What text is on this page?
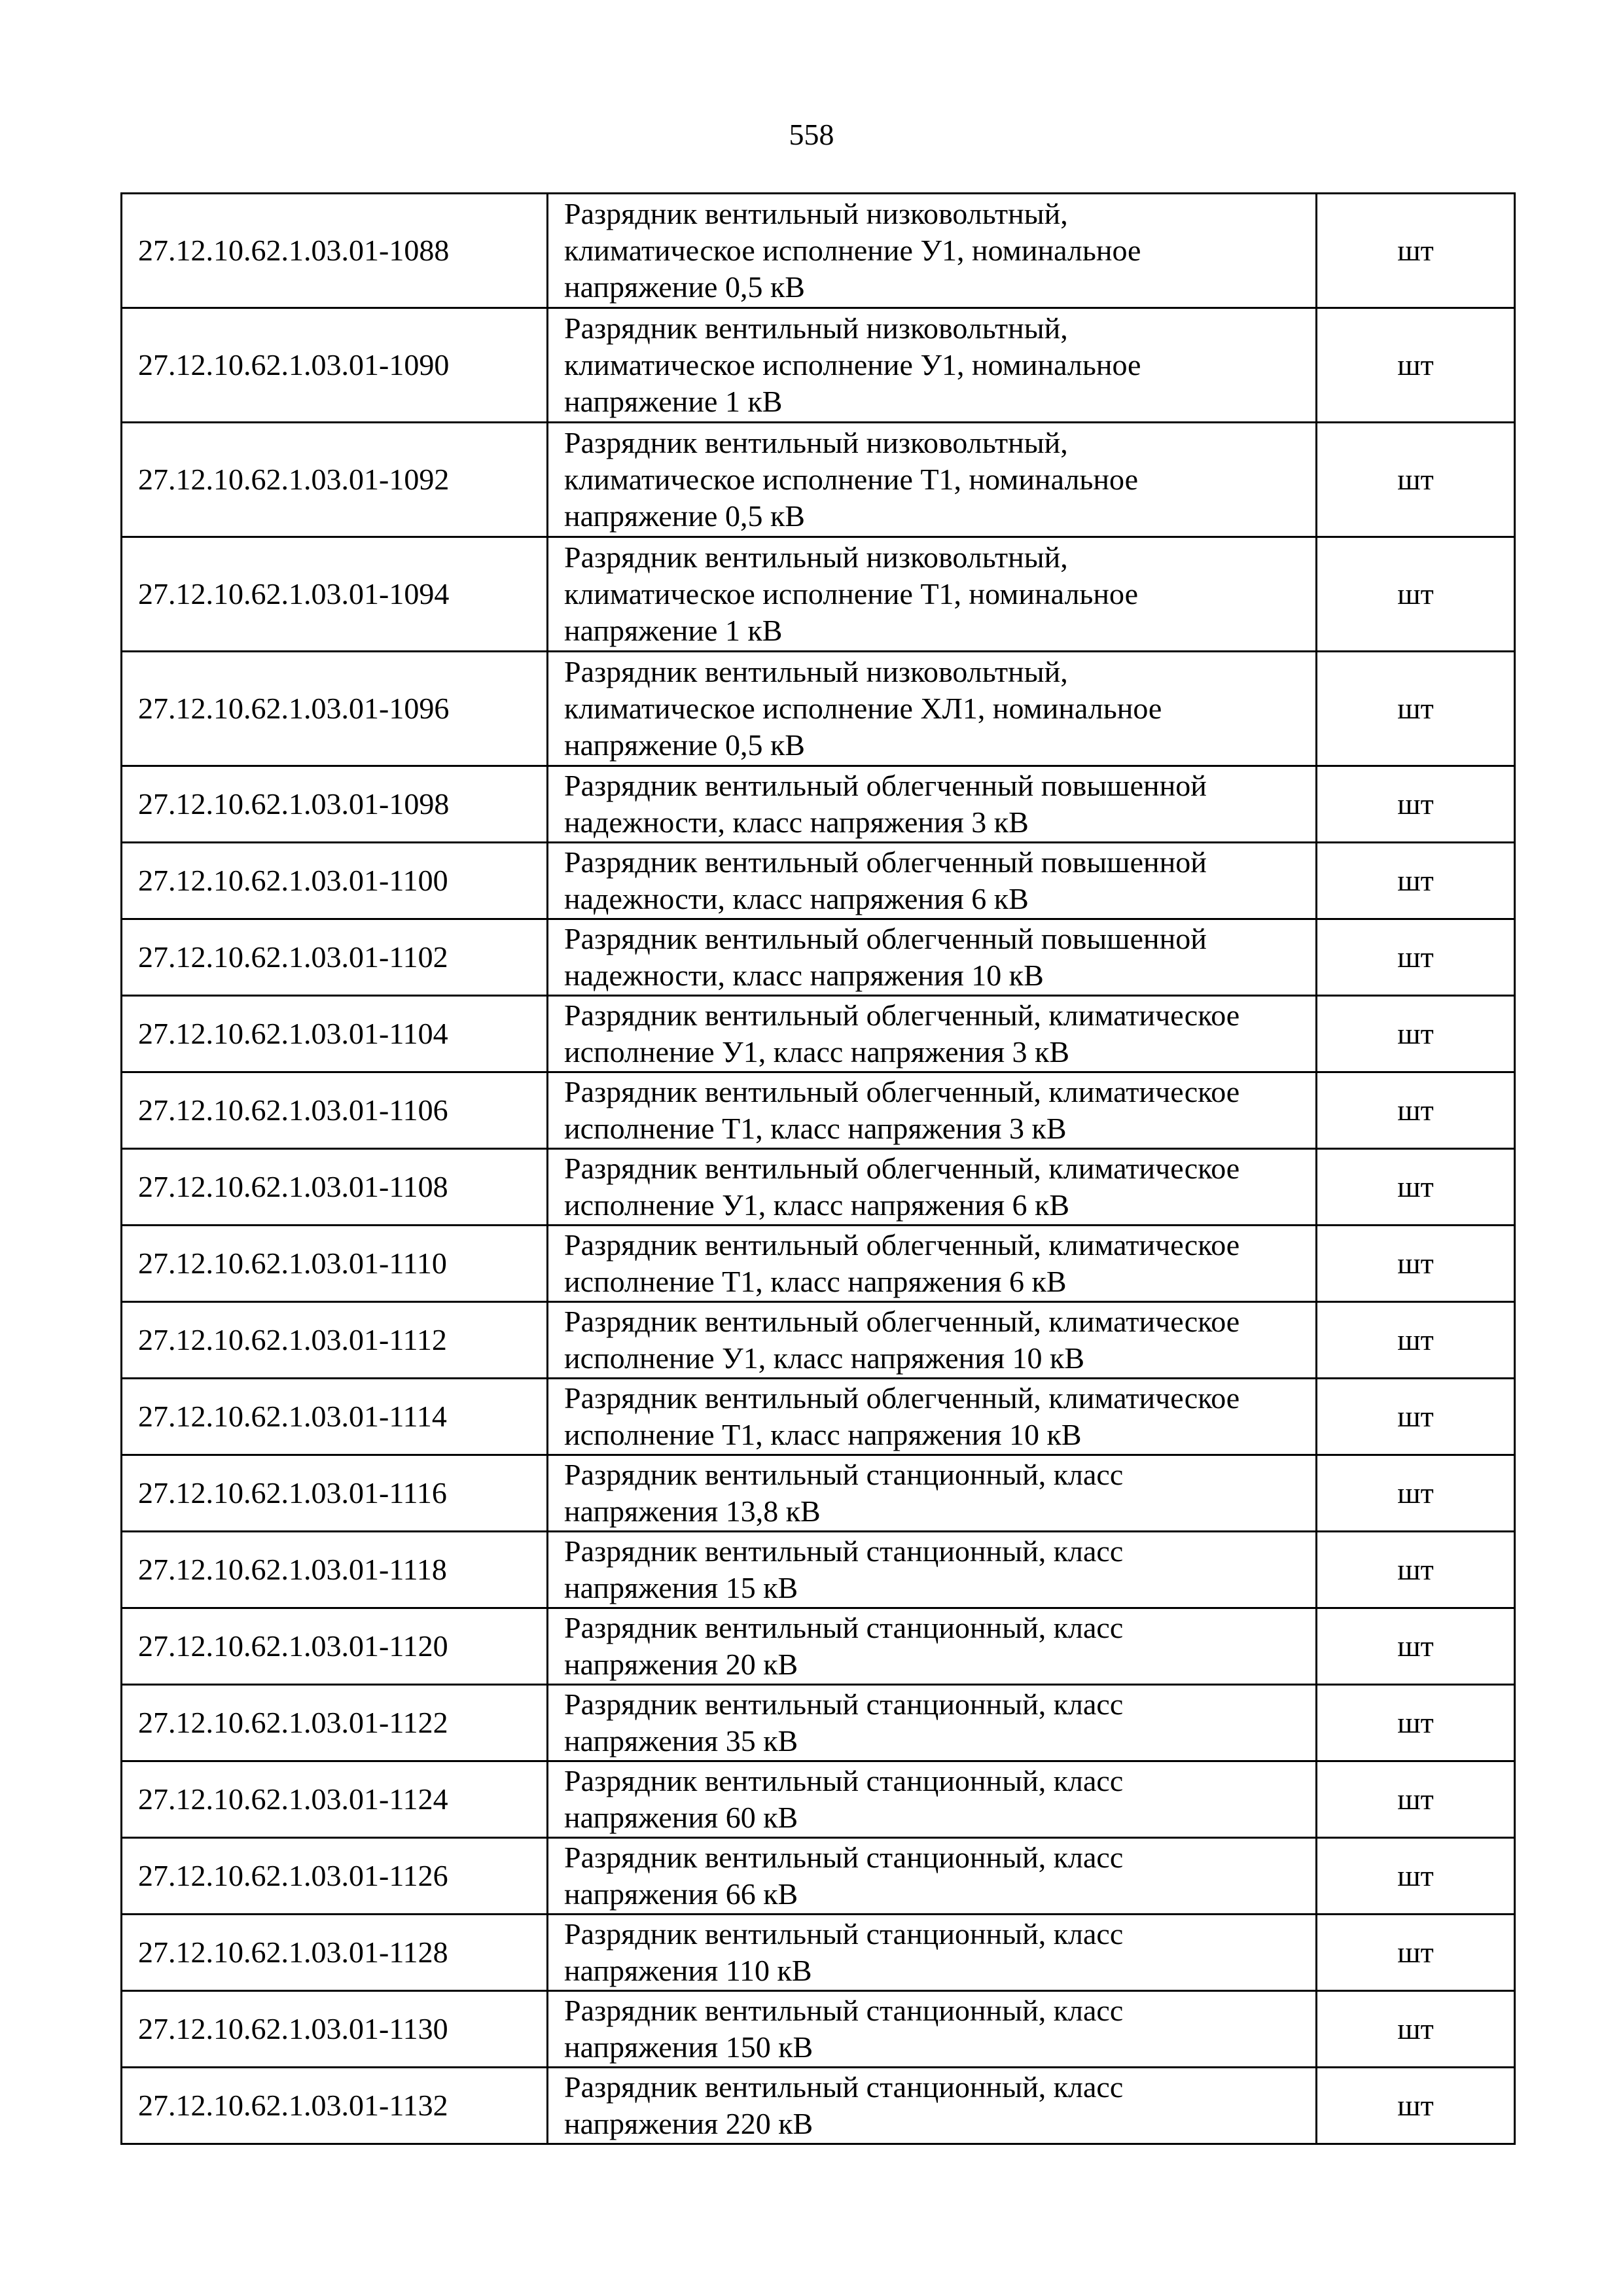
558
27.12.10.62.1.03.01-1088	Разрядник вентильный низковольтный,
климатическое исполнение У1, номинальное
напряжение 0,5 кВ	шт
27.12.10.62.1.03.01-1090	Разрядник вентильный низковольтный,
климатическое исполнение У1, номинальное
напряжение 1 кВ	шт
27.12.10.62.1.03.01-1092	Разрядник вентильный низковольтный,
климатическое исполнение Т1, номинальное
напряжение 0,5 кВ	шт
27.12.10.62.1.03.01-1094	Разрядник вентильный низковольтный,
климатическое исполнение Т1, номинальное
напряжение 1 кВ	шт
27.12.10.62.1.03.01-1096	Разрядник вентильный низковольтный,
климатическое исполнение ХЛ1, номинальное
напряжение 0,5 кВ	шт
27.12.10.62.1.03.01-1098	Разрядник вентильный облегченный повышенной
надежности, класс напряжения 3 кВ	шт
27.12.10.62.1.03.01-1100	Разрядник вентильный облегченный повышенной
надежности, класс напряжения 6 кВ	шт
27.12.10.62.1.03.01-1102	Разрядник вентильный облегченный повышенной
надежности, класс напряжения 10 кВ	шт
27.12.10.62.1.03.01-1104	Разрядник вентильный облегченный, климатическое
исполнение У1, класс напряжения 3 кВ	шт
27.12.10.62.1.03.01-1106	Разрядник вентильный облегченный, климатическое
исполнение Т1, класс напряжения 3 кВ	шт
27.12.10.62.1.03.01-1108	Разрядник вентильный облегченный, климатическое
исполнение У1, класс напряжения 6 кВ	шт
27.12.10.62.1.03.01-1110	Разрядник вентильный облегченный, климатическое
исполнение Т1, класс напряжения 6 кВ	шт
27.12.10.62.1.03.01-1112	Разрядник вентильный облегченный, климатическое
исполнение У1, класс напряжения 10 кВ	шт
27.12.10.62.1.03.01-1114	Разрядник вентильный облегченный, климатическое
исполнение Т1, класс напряжения 10 кВ	шт
27.12.10.62.1.03.01-1116	Разрядник вентильный станционный, класс
напряжения 13,8 кВ	шт
27.12.10.62.1.03.01-1118	Разрядник вентильный станционный, класс
напряжения 15 кВ	шт
27.12.10.62.1.03.01-1120	Разрядник вентильный станционный, класс
напряжения 20 кВ	шт
27.12.10.62.1.03.01-1122	Разрядник вентильный станционный, класс
напряжения 35 кВ	шт
27.12.10.62.1.03.01-1124	Разрядник вентильный станционный, класс
напряжения 60 кВ	шт
27.12.10.62.1.03.01-1126	Разрядник вентильный станционный, класс
напряжения 66 кВ	шт
27.12.10.62.1.03.01-1128	Разрядник вентильный станционный, класс
напряжения 110 кВ	шт
27.12.10.62.1.03.01-1130	Разрядник вентильный станционный, класс
напряжения 150 кВ	шт
27.12.10.62.1.03.01-1132	Разрядник вентильный станционный, класс
напряжения 220 кВ	шт
